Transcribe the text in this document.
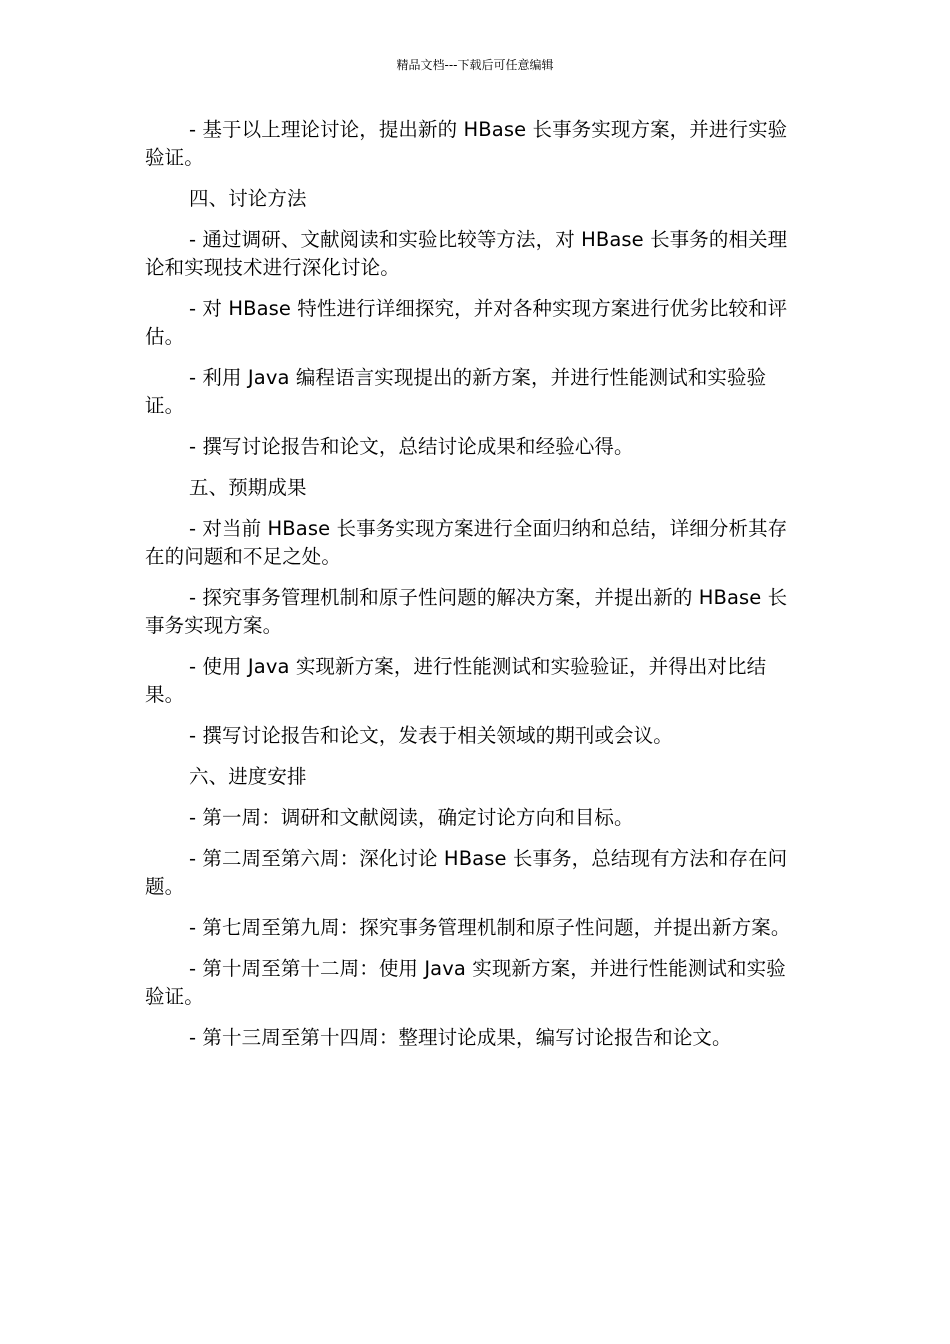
精品文档---下载后可任意编辑

- 基于以上理论讨论，提出新的 HBase 长事务实现方案，并进行实验验证。

四、讨论方法

- 通过调研、文献阅读和实验比较等方法，对 HBase 长事务的相关理论和实现技术进行深化讨论。

- 对 HBase 特性进行详细探究，并对各种实现方案进行优劣比较和评估。

- 利用 Java 编程语言实现提出的新方案，并进行性能测试和实验验证。

- 撰写讨论报告和论文，总结讨论成果和经验心得。

五、预期成果

- 对当前 HBase 长事务实现方案进行全面归纳和总结，详细分析其存在的问题和不足之处。

- 探究事务管理机制和原子性问题的解决方案，并提出新的 HBase 长事务实现方案。

- 使用 Java 实现新方案，进行性能测试和实验验证，并得出对比结果。

- 撰写讨论报告和论文，发表于相关领域的期刊或会议。

六、进度安排

- 第一周：调研和文献阅读，确定讨论方向和目标。

- 第二周至第六周：深化讨论 HBase 长事务，总结现有方法和存在问题。

- 第七周至第九周：探究事务管理机制和原子性问题，并提出新方案。

- 第十周至第十二周：使用 Java 实现新方案，并进行性能测试和实验验证。

- 第十三周至第十四周：整理讨论成果，编写讨论报告和论文。
